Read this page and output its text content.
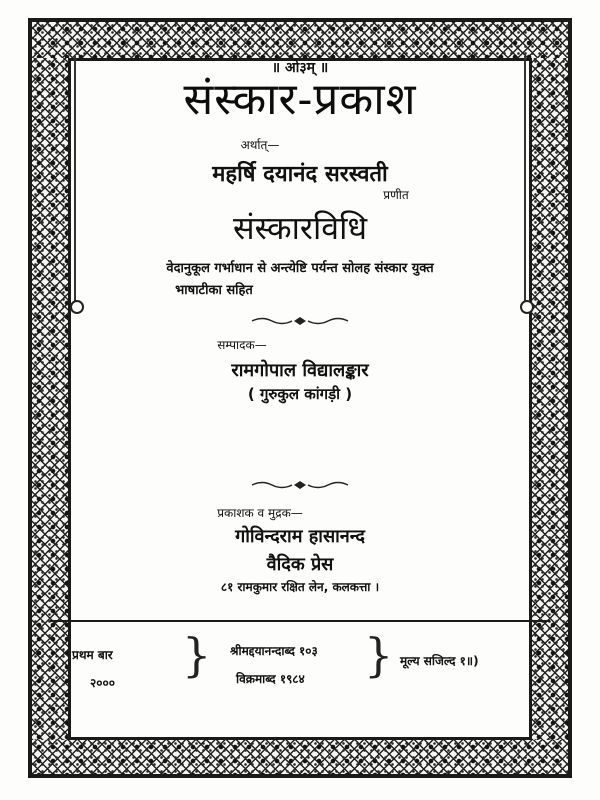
॥ ओ३म् ॥
संस्कार-प्रकाश
अर्थात्—
महर्षि दयानंद सरस्वती
प्रणीत
संस्कारविधि
वेदानुकूल गर्भाधान से अन्त्येष्टि पर्यन्त सोलह संस्कार युक्त
भाषाटीका सहित
सम्पादक—
रामगोपाल विद्यालङ्कार
( गुरुकुल कांगड़ी )
प्रकाशक व मुद्रक—
गोविन्दराम हासानन्द
वैदिक प्रेस
८१ रामकुमार रक्षित लेन, कलकत्ता ।
प्रथम बार
२०००
} श्रीमद्दयानन्दाब्द १०३
विक्रमाब्द १९८४ } मूल्य सजिल्द १॥)
